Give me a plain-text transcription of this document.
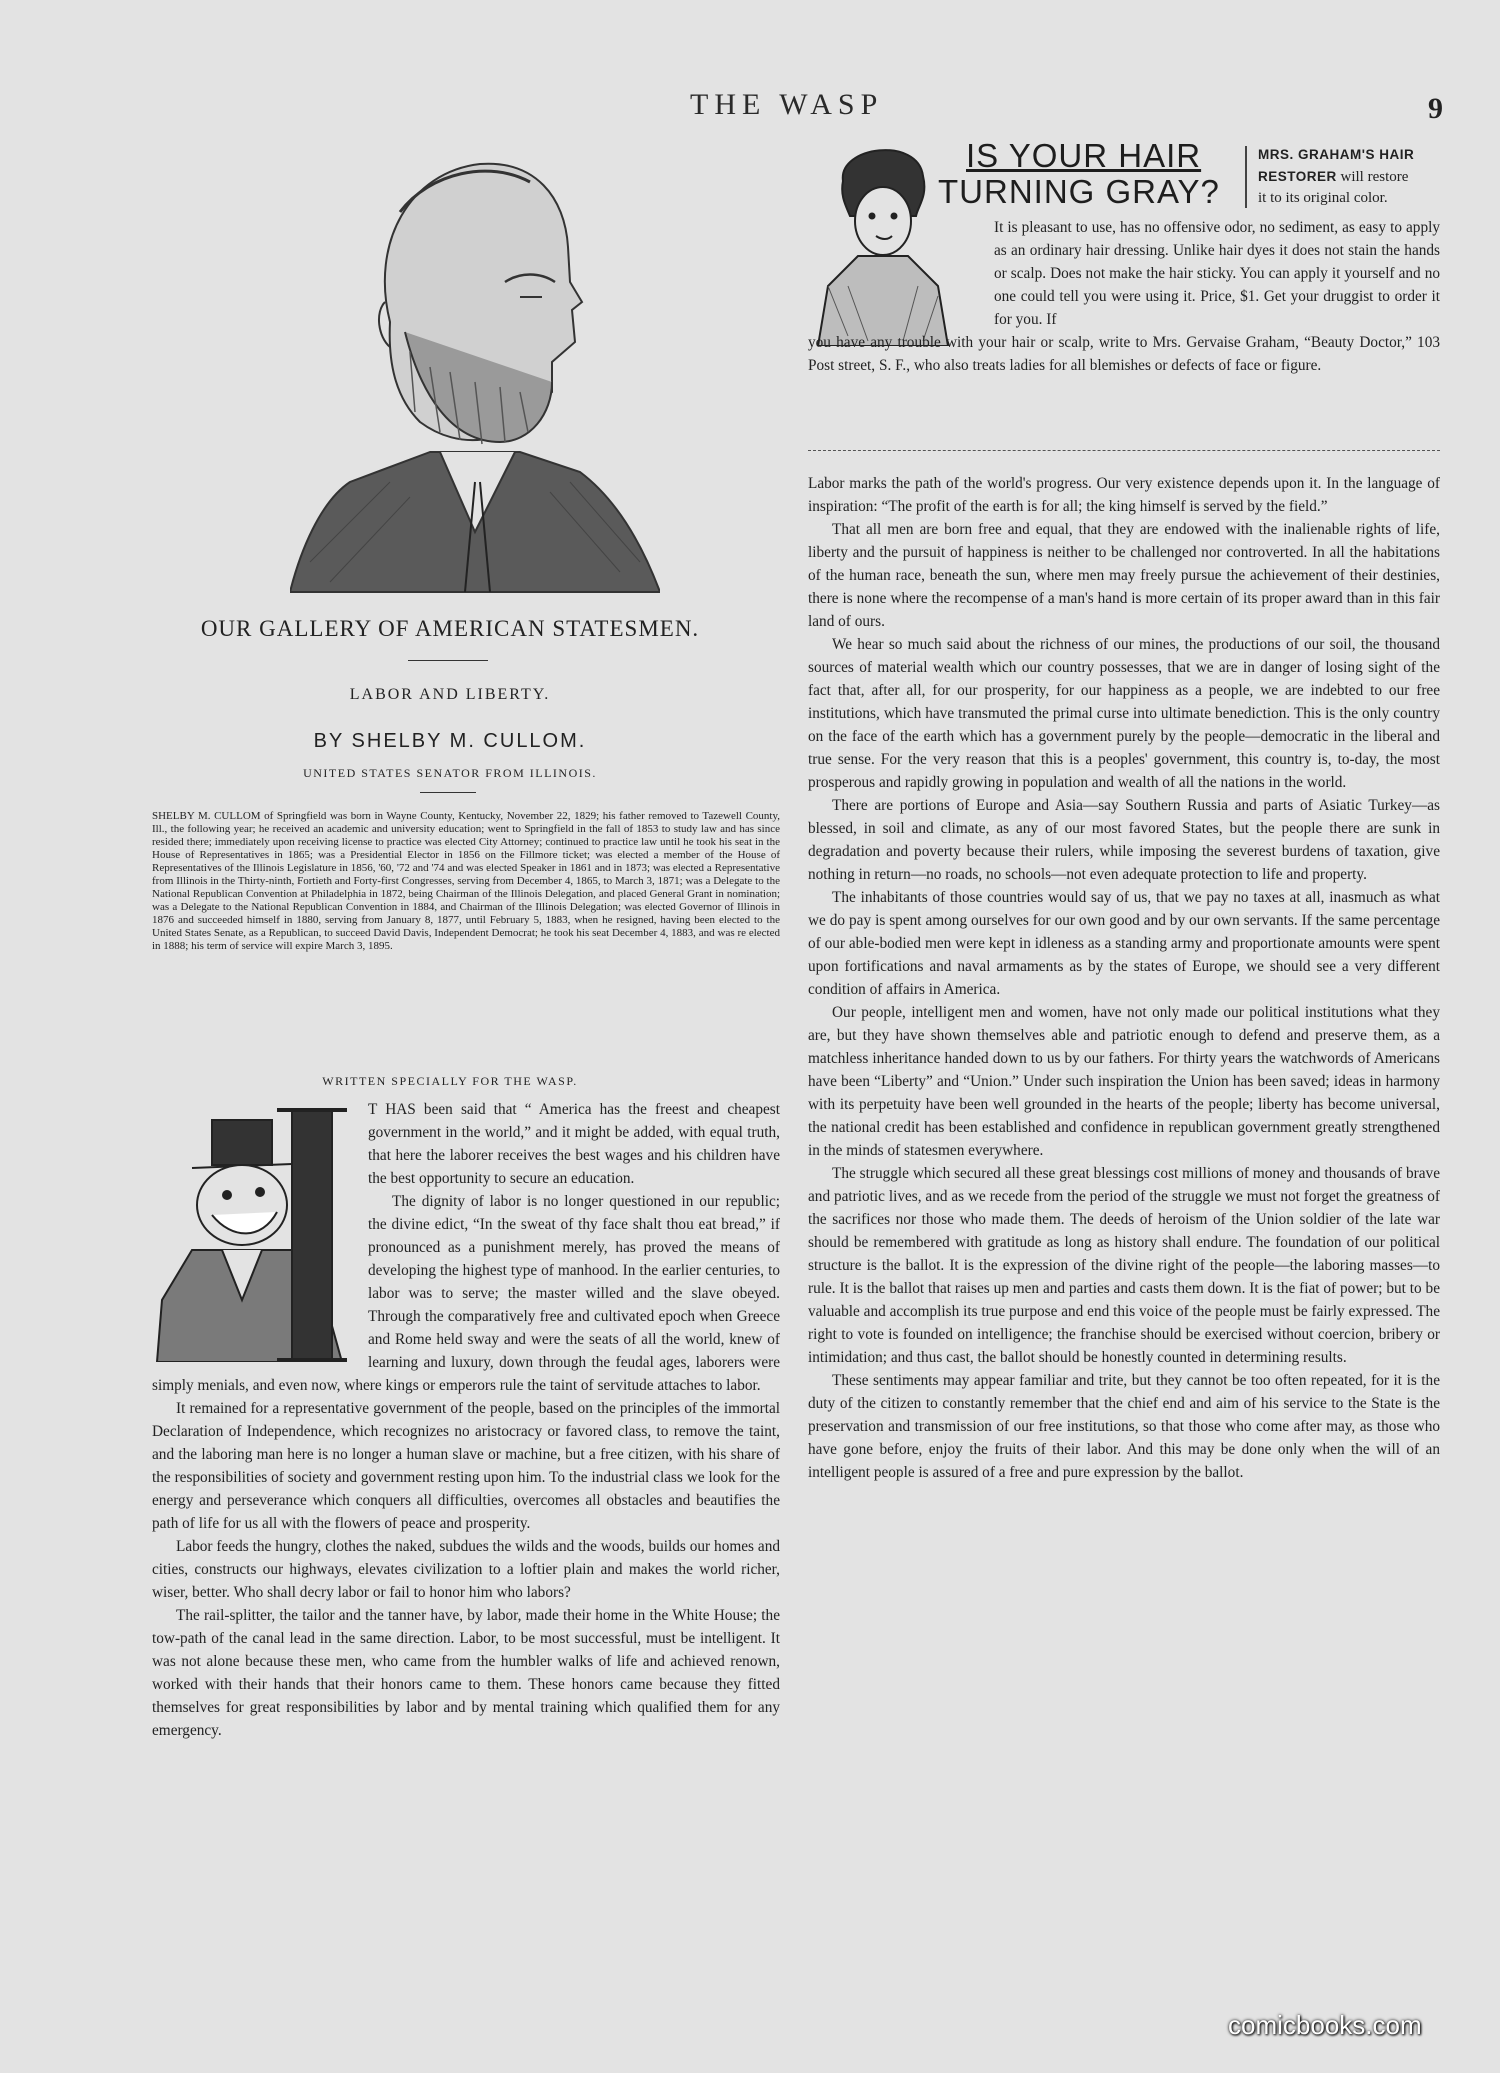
THE WASP	9
OUR GALLERY OF AMERICAN STATESMEN.
LABOR AND LIBERTY.
BY SHELBY M. CULLOM.
UNITED STATES SENATOR FROM ILLINOIS.

SHELBY M. CULLOM of Springfield was born in Wayne County, Kentucky, November 22, 1829; his father removed to Tazewell County, Ill., the following year; he received an academic and university education; went to Springfield in the fall of 1853 to study law and has since resided there; immediately upon receiving license to practice was elected City Attorney; continued to practice law until he took his seat in the House of Representatives in 1865; was a Presidential Elector in 1856 on the Fillmore ticket; was elected a member of the House of Representatives of the Illinois Legislature in 1856, '60, '72 and '74 and was elected Speaker in 1861 and in 1873; was elected a Representative from Illinois in the Thirty-ninth, Fortieth and Forty-first Congresses, serving from December 4, 1865, to March 3, 1871; was a Delegate to the National Republican Convention at Philadelphia in 1872, being Chairman of the Illinois Delegation, and placed General Grant in nomination; was a Delegate to the National Republican Convention in 1884, and Chairman of the Illinois Delegation; was elected Governor of Illinois in 1876 and succeeded himself in 1880, serving from January 8, 1877, until February 5, 1883, when he resigned, having been elected to the United States Senate, as a Republican, to succeed David Davis, Independent Democrat; he took his seat December 4, 1883, and was re elected in 1888; his term of service will expire March 3, 1895.

WRITTEN SPECIALLY FOR THE WASP.

T HAS been said that “ America has the freest and cheapest government in the world,” and it might be added, with equal truth, that here the laborer receives the best wages and his children have the best opportunity to secure an education.

The dignity of labor is no longer questioned in our republic; the divine edict, “In the sweat of thy face shalt thou eat bread,” if pronounced as a punishment merely, has proved the means of developing the highest type of manhood. In the earlier centuries, to labor was to serve; the master willed and the slave obeyed. Through the comparatively free and cultivated epoch when Greece and Rome held sway and were the seats of all the world, knew of learning and luxury, down through the feudal ages, laborers were simply menials, and even now, where kings or emperors rule the taint of servitude attaches to labor.

It remained for a representative government of the people, based on the principles of the immortal Declaration of Independence, which recognizes no aristocracy or favored class, to remove the taint, and the laboring man here is no longer a human slave or machine, but a free citizen, with his share of the responsibilities of society and government resting upon him. To the industrial class we look for the energy and perseverance which conquers all difficulties, overcomes all obstacles and beautifies the path of life for us all with the flowers of peace and prosperity.

Labor feeds the hungry, clothes the naked, subdues the wilds and the woods, builds our homes and cities, constructs our highways, elevates civilization to a loftier plain and makes the world richer, wiser, better. Who shall decry labor or fail to honor him who labors?

The rail-splitter, the tailor and the tanner have, by labor, made their home in the White House; the tow-path of the canal lead in the same direction. Labor, to be most successful, must be intelligent. It was not alone because these men, who came from the humbler walks of life and achieved renown, worked with their hands that their honors came to them. These honors came because they fitted themselves for great responsibilities by labor and by mental training which qualified them for any emergency.

IS YOUR HAIR
TURNING GRAY?
MRS. GRAHAM'S HAIR
RESTORER will restore
it to its original color.
It is pleasant to use, has no offensive odor, no sediment, as easy to apply as an ordinary hair dressing. Unlike hair dyes it does not stain the hands or scalp. Does not make the hair sticky. You can apply it yourself and no one could tell you were using it. Price, $1. Get your druggist to order it for you. If
you have any trouble with your hair or scalp, write to Mrs. Gervaise Graham, “Beauty Doctor,” 103 Post street, S. F., who also treats ladies for all blemishes or defects of face or figure.

Labor marks the path of the world's progress. Our very existence depends upon it. In the language of inspiration: “The profit of the earth is for all; the king himself is served by the field.”

That all men are born free and equal, that they are endowed with the inalienable rights of life, liberty and the pursuit of happiness is neither to be challenged nor controverted. In all the habitations of the human race, beneath the sun, where men may freely pursue the achievement of their destinies, there is none where the recompense of a man's hand is more certain of its proper award than in this fair land of ours.

We hear so much said about the richness of our mines, the productions of our soil, the thousand sources of material wealth which our country possesses, that we are in danger of losing sight of the fact that, after all, for our prosperity, for our happiness as a people, we are indebted to our free institutions, which have transmuted the primal curse into ultimate benediction. This is the only country on the face of the earth which has a government purely by the people—democratic in the liberal and true sense. For the very reason that this is a peoples' government, this country is, to-day, the most prosperous and rapidly growing in population and wealth of all the nations in the world.

There are portions of Europe and Asia—say Southern Russia and parts of Asiatic Turkey—as blessed, in soil and climate, as any of our most favored States, but the people there are sunk in degradation and poverty because their rulers, while imposing the severest burdens of taxation, give nothing in return—no roads, no schools—not even adequate protection to life and property.

The inhabitants of those countries would say of us, that we pay no taxes at all, inasmuch as what we do pay is spent among ourselves for our own good and by our own servants. If the same percentage of our able-bodied men were kept in idleness as a standing army and proportionate amounts were spent upon fortifications and naval armaments as by the states of Europe, we should see a very different condition of affairs in America.

Our people, intelligent men and women, have not only made our political institutions what they are, but they have shown themselves able and patriotic enough to defend and preserve them, as a matchless inheritance handed down to us by our fathers. For thirty years the watchwords of Americans have been “Liberty” and “Union.” Under such inspiration the Union has been saved; ideas in harmony with its perpetuity have been well grounded in the hearts of the people; liberty has become universal, the national credit has been established and confidence in republican government greatly strengthened in the minds of statesmen everywhere.

The struggle which secured all these great blessings cost millions of money and thousands of brave and patriotic lives, and as we recede from the period of the struggle we must not forget the greatness of the sacrifices nor those who made them. The deeds of heroism of the Union soldier of the late war should be remembered with gratitude as long as history shall endure. The foundation of our political structure is the ballot. It is the expression of the divine right of the people—the laboring masses—to rule. It is the ballot that raises up men and parties and casts them down. It is the fiat of power; but to be valuable and accomplish its true purpose and end this voice of the people must be fairly expressed. The right to vote is founded on intelligence; the franchise should be exercised without coercion, bribery or intimidation; and thus cast, the ballot should be honestly counted in determining results.

These sentiments may appear familiar and trite, but they cannot be too often repeated, for it is the duty of the citizen to constantly remember that the chief end and aim of his service to the State is the preservation and transmission of our free institutions, so that those who come after may, as those who have gone before, enjoy the fruits of their labor. And this may be done only when the will of an intelligent people is assured of a free and pure expression by the ballot.

comicbooks.com
